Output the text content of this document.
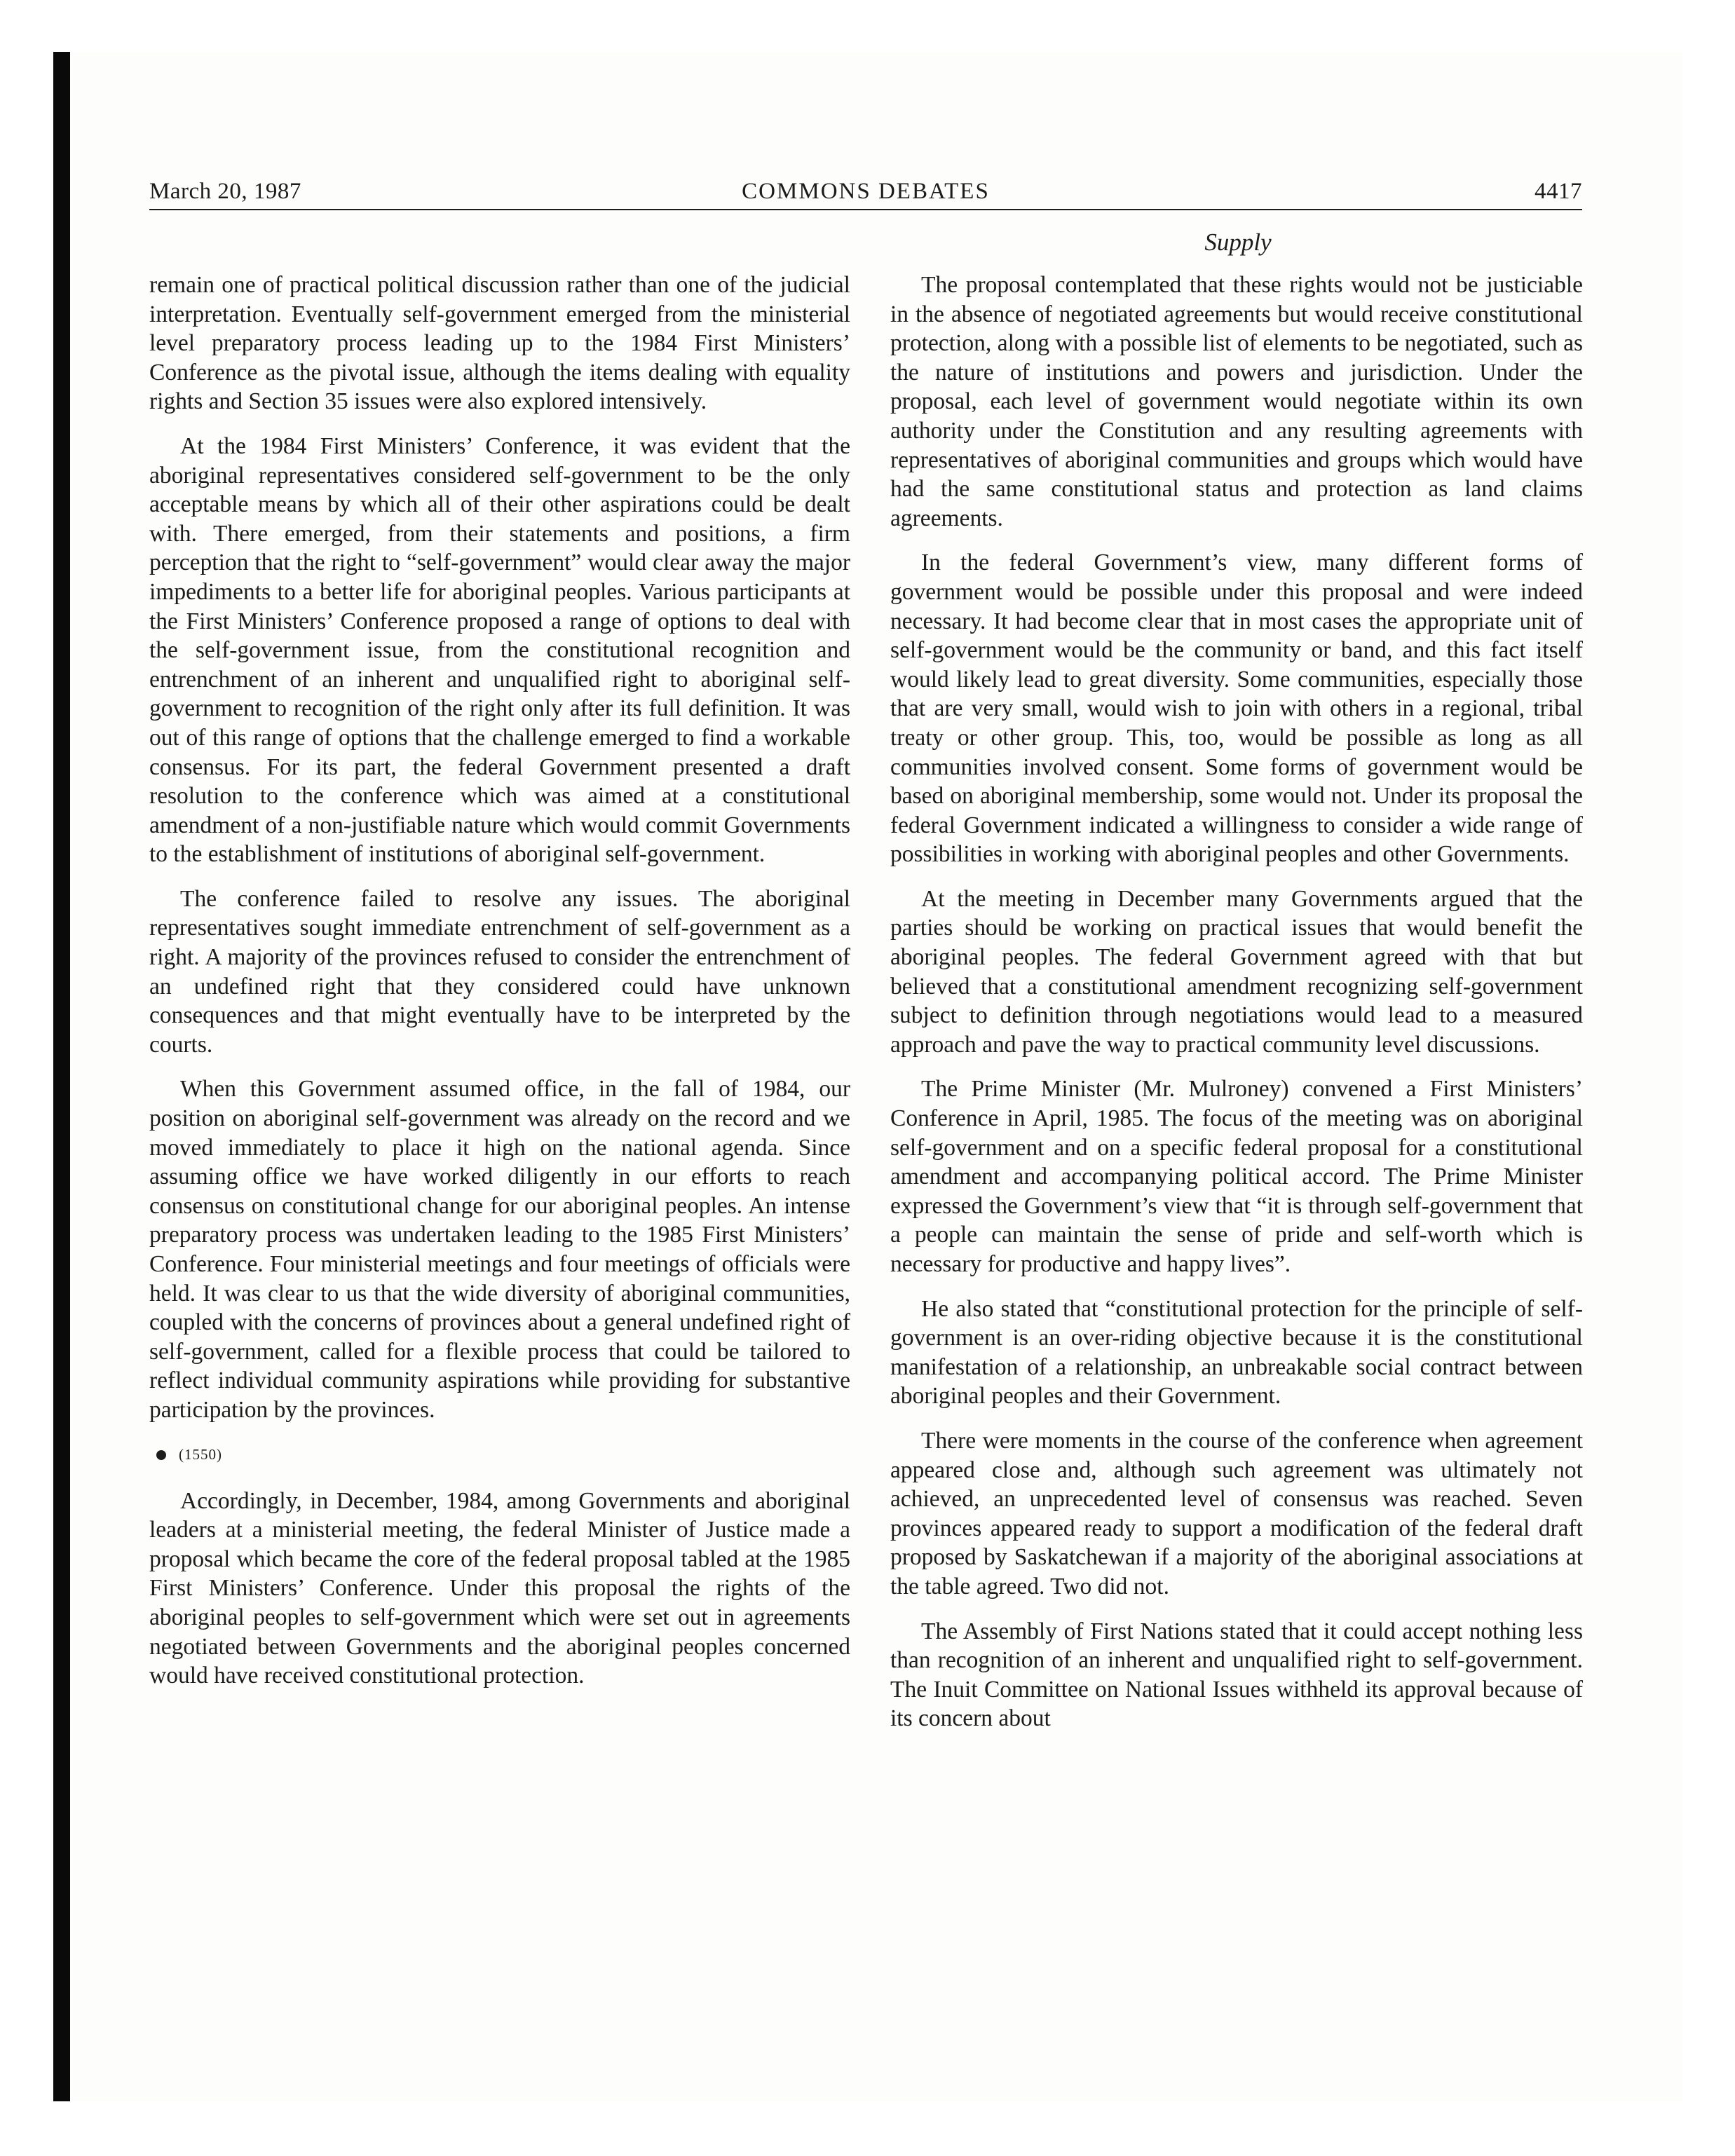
March 20, 1987	COMMONS DEBATES	4417
Supply

remain one of practical political discussion rather than one of the judicial interpretation. Eventually self-government emerged from the ministerial level preparatory process leading up to the 1984 First Ministers’ Conference as the pivotal issue, although the items dealing with equality rights and Section 35 issues were also explored intensively.

At the 1984 First Ministers’ Conference, it was evident that the aboriginal representatives considered self-government to be the only acceptable means by which all of their other aspirations could be dealt with. There emerged, from their statements and positions, a firm perception that the right to “self-government” would clear away the major impediments to a better life for aboriginal peoples. Various participants at the First Ministers’ Conference proposed a range of options to deal with the self-government issue, from the constitutional recognition and entrenchment of an inherent and unqualified right to aboriginal self-government to recognition of the right only after its full definition. It was out of this range of options that the challenge emerged to find a workable consensus. For its part, the federal Government presented a draft resolution to the conference which was aimed at a constitutional amendment of a non-justifiable nature which would commit Governments to the establishment of institutions of aboriginal self-government.

The conference failed to resolve any issues. The aboriginal representatives sought immediate entrenchment of self-government as a right. A majority of the provinces refused to consider the entrenchment of an undefined right that they considered could have unknown consequences and that might eventually have to be interpreted by the courts.

When this Government assumed office, in the fall of 1984, our position on aboriginal self-government was already on the record and we moved immediately to place it high on the national agenda. Since assuming office we have worked diligently in our efforts to reach consensus on constitutional change for our aboriginal peoples. An intense preparatory process was undertaken leading to the 1985 First Ministers’ Conference. Four ministerial meetings and four meetings of officials were held. It was clear to us that the wide diversity of aboriginal communities, coupled with the concerns of provinces about a general undefined right of self-government, called for a flexible process that could be tailored to reflect individual community aspirations while providing for substantive participation by the provinces.

(1550)

Accordingly, in December, 1984, among Governments and aboriginal leaders at a ministerial meeting, the federal Minister of Justice made a proposal which became the core of the federal proposal tabled at the 1985 First Ministers’ Conference. Under this proposal the rights of the aboriginal peoples to self-government which were set out in agreements negotiated between Governments and the aboriginal peoples concerned would have received constitutional protection.

The proposal contemplated that these rights would not be justiciable in the absence of negotiated agreements but would receive constitutional protection, along with a possible list of elements to be negotiated, such as the nature of institutions and powers and jurisdiction. Under the proposal, each level of government would negotiate within its own authority under the Constitution and any resulting agreements with representatives of aboriginal communities and groups which would have had the same constitutional status and protection as land claims agreements.

In the federal Government’s view, many different forms of government would be possible under this proposal and were indeed necessary. It had become clear that in most cases the appropriate unit of self-government would be the community or band, and this fact itself would likely lead to great diversity. Some communities, especially those that are very small, would wish to join with others in a regional, tribal treaty or other group. This, too, would be possible as long as all communities involved consent. Some forms of government would be based on aboriginal membership, some would not. Under its proposal the federal Government indicated a willingness to consider a wide range of possibilities in working with aboriginal peoples and other Governments.

At the meeting in December many Governments argued that the parties should be working on practical issues that would benefit the aboriginal peoples. The federal Government agreed with that but believed that a constitutional amendment recognizing self-government subject to definition through negotiations would lead to a measured approach and pave the way to practical community level discussions.

The Prime Minister (Mr. Mulroney) convened a First Ministers’ Conference in April, 1985. The focus of the meeting was on aboriginal self-government and on a specific federal proposal for a constitutional amendment and accompanying political accord. The Prime Minister expressed the Government’s view that “it is through self-government that a people can maintain the sense of pride and self-worth which is necessary for productive and happy lives”.

He also stated that “constitutional protection for the principle of self-government is an over-riding objective because it is the constitutional manifestation of a relationship, an unbreakable social contract between aboriginal peoples and their Government.

There were moments in the course of the conference when agreement appeared close and, although such agreement was ultimately not achieved, an unprecedented level of consensus was reached. Seven provinces appeared ready to support a modification of the federal draft proposed by Saskatchewan if a majority of the aboriginal associations at the table agreed. Two did not.

The Assembly of First Nations stated that it could accept nothing less than recognition of an inherent and unqualified right to self-government. The Inuit Committee on National Issues withheld its approval because of its concern about
